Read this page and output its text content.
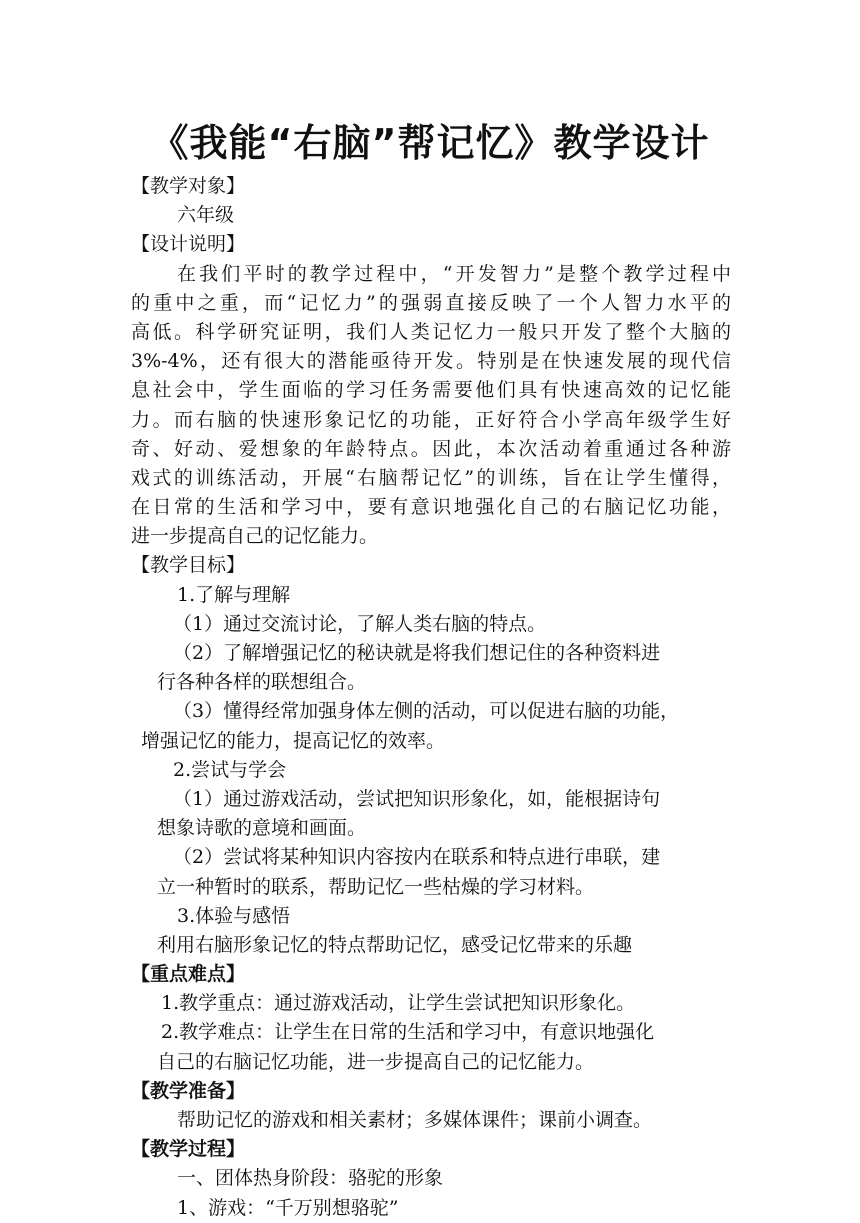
《我能“右脑”帮记忆》教学设计
【教学对象】
六年级
【设计说明】
在我们平时的教学过程中，“开发智力”是整个教学过程中
的重中之重，而“记忆力”的强弱直接反映了一个人智力水平的
高低。科学研究证明，我们人类记忆力一般只开发了整个大脑的
3%-4%，还有很大的潜能亟待开发。特别是在快速发展的现代信
息社会中，学生面临的学习任务需要他们具有快速高效的记忆能
力。而右脑的快速形象记忆的功能，正好符合小学高年级学生好
奇、好动、爱想象的年龄特点。因此，本次活动着重通过各种游
戏式的训练活动，开展“右脑帮记忆”的训练，旨在让学生懂得，
在日常的生活和学习中，要有意识地强化自己的右脑记忆功能，
进一步提高自己的记忆能力。
【教学目标】
1.了解与理解
（1）通过交流讨论，了解人类右脑的特点。
（2）了解增强记忆的秘诀就是将我们想记住的各种资料进
行各种各样的联想组合。
（3）懂得经常加强身体左侧的活动，可以促进右脑的功能，
增强记忆的能力，提高记忆的效率。
2.尝试与学会
（1）通过游戏活动，尝试把知识形象化，如，能根据诗句
想象诗歌的意境和画面。
（2）尝试将某种知识内容按内在联系和特点进行串联，建
立一种暂时的联系，帮助记忆一些枯燥的学习材料。
3.体验与感悟
利用右脑形象记忆的特点帮助记忆，感受记忆带来的乐趣
【重点难点】
1.教学重点：通过游戏活动，让学生尝试把知识形象化。
2.教学难点：让学生在日常的生活和学习中，有意识地强化
自己的右脑记忆功能，进一步提高自己的记忆能力。
【教学准备】
帮助记忆的游戏和相关素材；多媒体课件；课前小调查。
【教学过程】
一、团体热身阶段：骆驼的形象
1、游戏：“千万别想骆驼”
